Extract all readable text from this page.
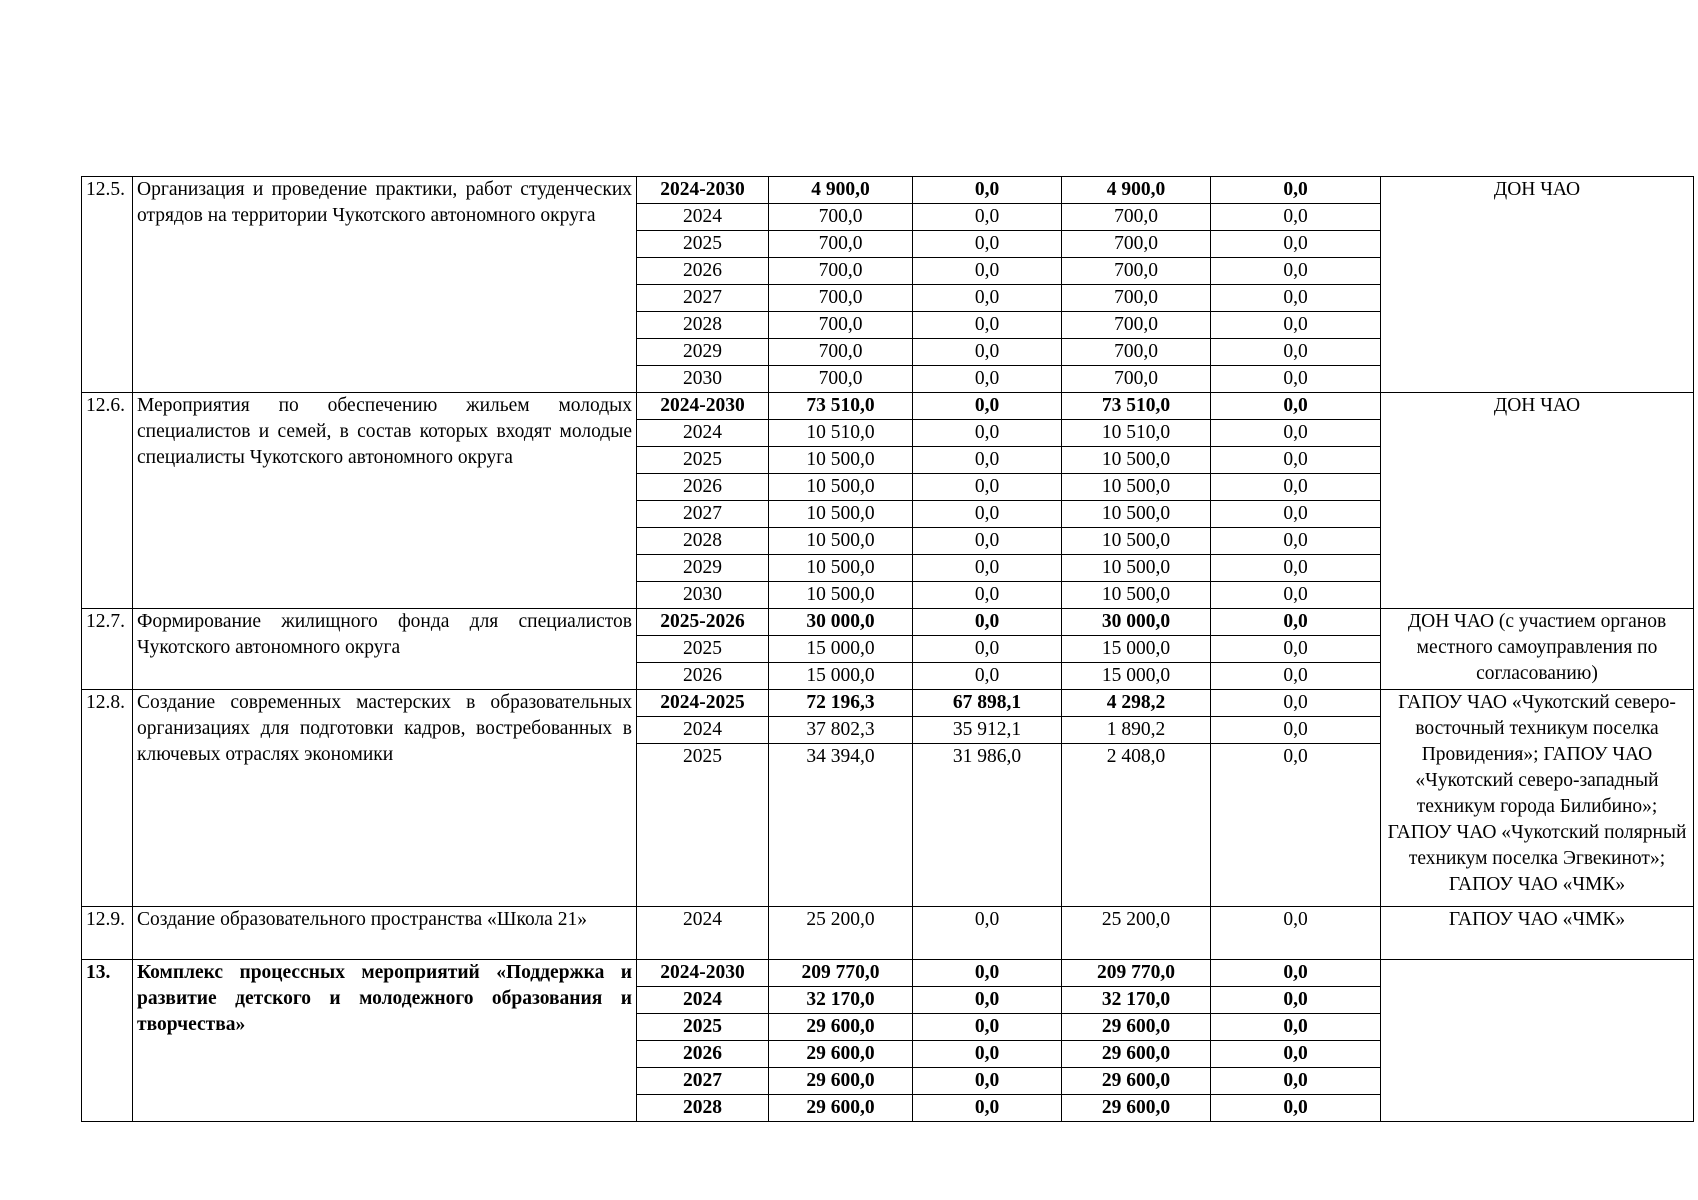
12.5.	Организация и проведение практики, работ студенческих отрядов на территории Чукотского автономного округа	2024-2030	4 900,0	0,0	4 900,0	0,0	ДОН ЧАО
		2024	700,0	0,0	700,0	0,0	
		2025	700,0	0,0	700,0	0,0	
		2026	700,0	0,0	700,0	0,0	
		2027	700,0	0,0	700,0	0,0	
		2028	700,0	0,0	700,0	0,0	
		2029	700,0	0,0	700,0	0,0	
		2030	700,0	0,0	700,0	0,0	
12.6.	Мероприятия по обеспечению жильем молодых специалистов и семей, в состав которых входят молодые специалисты Чукотского автономного округа	2024-2030	73 510,0	0,0	73 510,0	0,0	ДОН ЧАО
		2024	10 510,0	0,0	10 510,0	0,0	
		2025	10 500,0	0,0	10 500,0	0,0	
		2026	10 500,0	0,0	10 500,0	0,0	
		2027	10 500,0	0,0	10 500,0	0,0	
		2028	10 500,0	0,0	10 500,0	0,0	
		2029	10 500,0	0,0	10 500,0	0,0	
		2030	10 500,0	0,0	10 500,0	0,0	
12.7.	Формирование жилищного фонда для специалистов Чукотского автономного округа	2025-2026	30 000,0	0,0	30 000,0	0,0	ДОН ЧАО (с участием органов местного самоуправления по согласованию)
		2025	15 000,0	0,0	15 000,0	0,0	
		2026	15 000,0	0,0	15 000,0	0,0	
12.8.	Создание современных мастерских в образовательных организациях для подготовки кадров, востребованных в ключевых отраслях экономики	2024-2025	72 196,3	67 898,1	4 298,2	0,0	ГАПОУ ЧАО «Чукотский северо-восточный техникум поселка Провидения»; ГАПОУ ЧАО «Чукотский северо-западный техникум города Билибино»; ГАПОУ ЧАО «Чукотский полярный техникум поселка Эгвекинот»; ГАПОУ ЧАО «ЧМК»
		2024	37 802,3	35 912,1	1 890,2	0,0	
		2025	34 394,0	31 986,0	2 408,0	0,0	
12.9.	Создание образовательного пространства «Школа 21»	2024	25 200,0	0,0	25 200,0	0,0	ГАПОУ ЧАО «ЧМК»
13.	Комплекс процессных мероприятий «Поддержка и развитие детского и молодежного образования и творчества»	2024-2030	209 770,0	0,0	209 770,0	0,0	
		2024	32 170,0	0,0	32 170,0	0,0	
		2025	29 600,0	0,0	29 600,0	0,0	
		2026	29 600,0	0,0	29 600,0	0,0	
		2027	29 600,0	0,0	29 600,0	0,0	
		2028	29 600,0	0,0	29 600,0	0,0	
